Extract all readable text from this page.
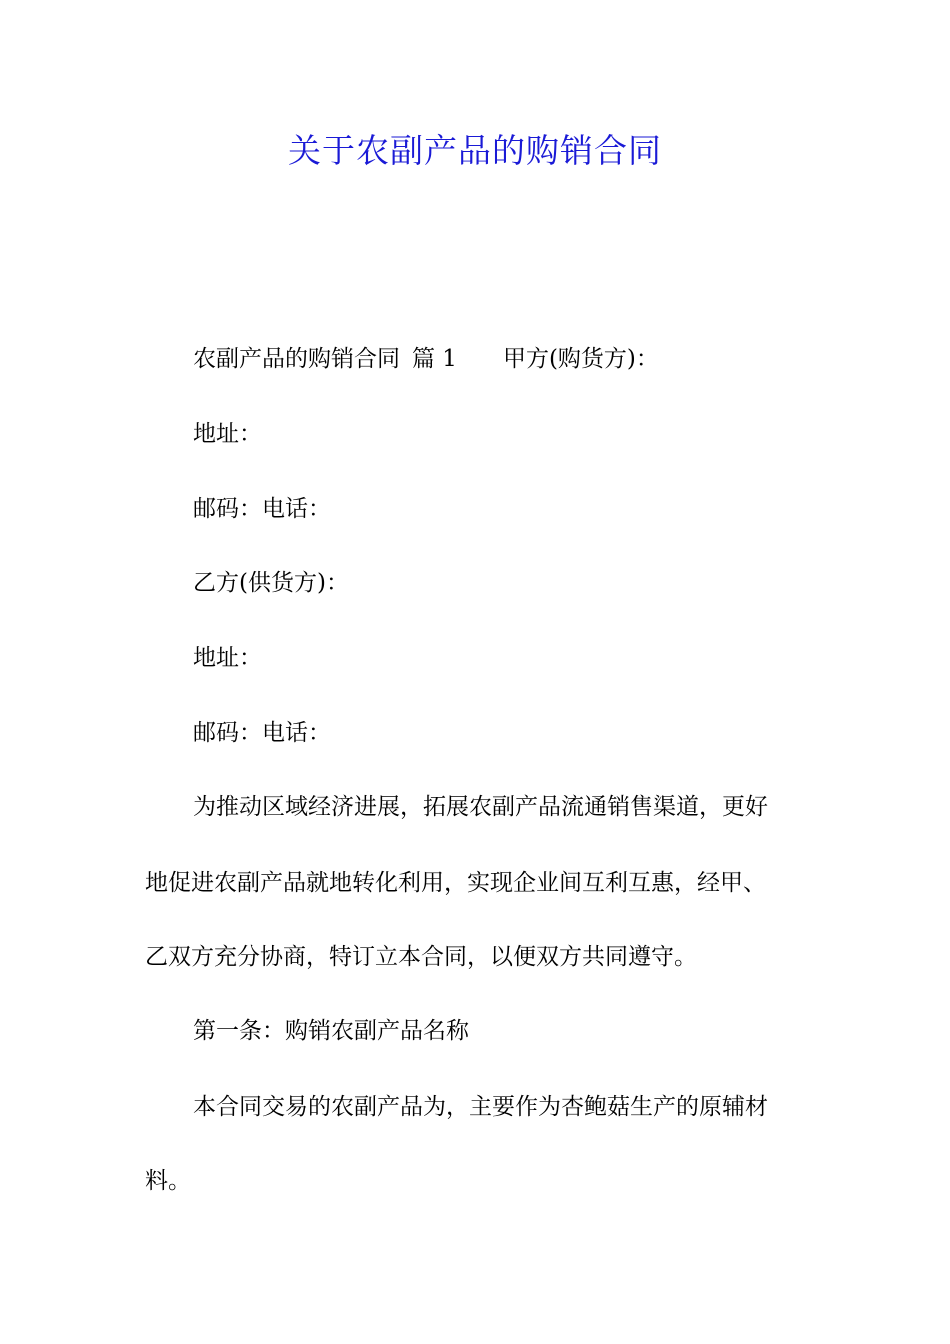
关于农副产品的购销合同
农副产品的购销合同 篇 1 甲方(购货方)：
地址：
邮码：电话：
乙方(供货方)：
地址：
邮码：电话：
为推动区域经济进展，拓展农副产品流通销售渠道，更好
地促进农副产品就地转化利用，实现企业间互利互惠，经甲、
乙双方充分协商，特订立本合同，以便双方共同遵守。
第一条：购销农副产品名称
本合同交易的农副产品为，主要作为杏鲍菇生产的原辅材
料。
